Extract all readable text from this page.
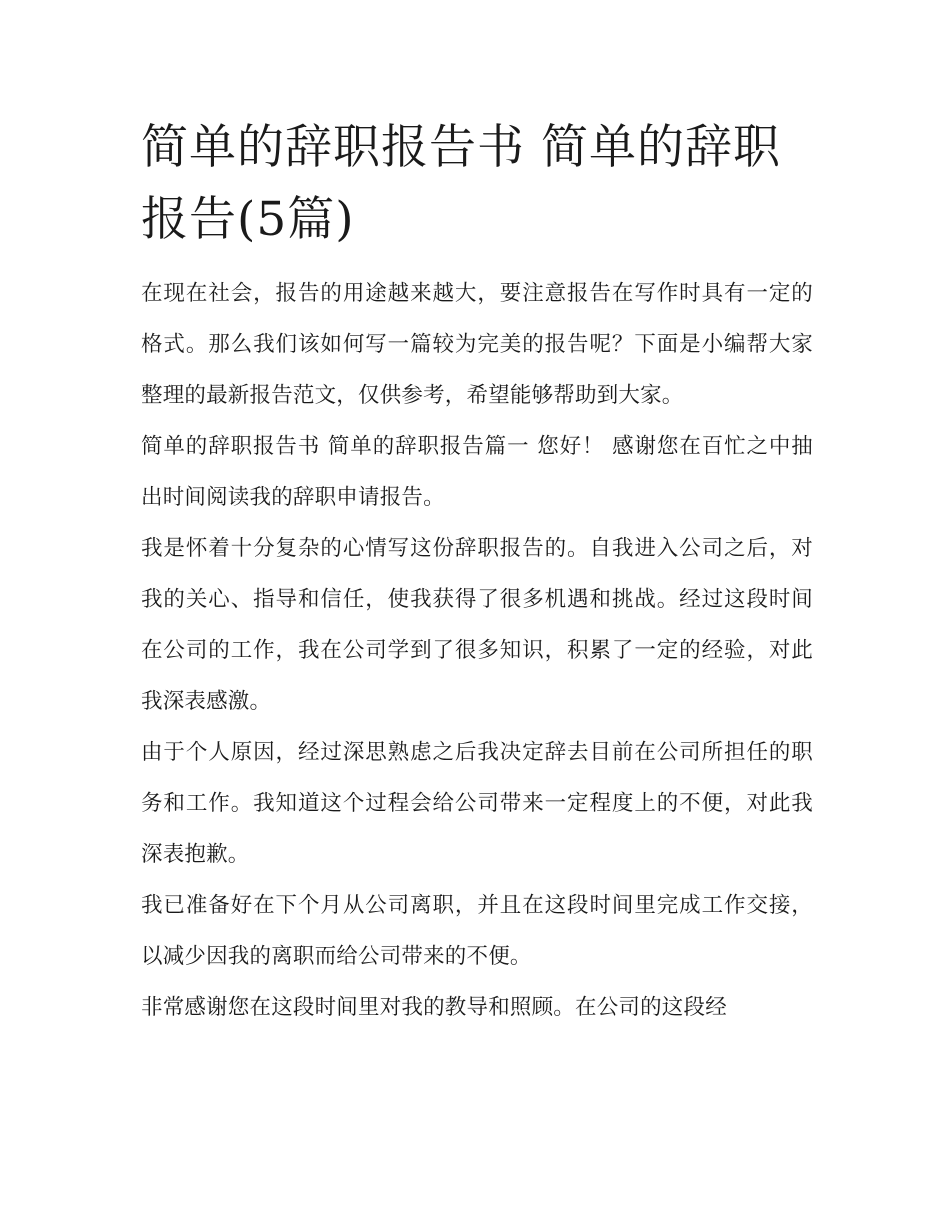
简单的辞职报告书 简单的辞职报告(5篇)

在现在社会，报告的用途越来越大，要注意报告在写作时具有一定的格式。那么我们该如何写一篇较为完美的报告呢？下面是小编帮大家整理的最新报告范文，仅供参考，希望能够帮助到大家。

简单的辞职报告书 简单的辞职报告篇一 您好！ 感谢您在百忙之中抽出时间阅读我的辞职申请报告。

我是怀着十分复杂的心情写这份辞职报告的。自我进入公司之后，对我的关心、指导和信任，使我获得了很多机遇和挑战。经过这段时间在公司的工作，我在公司学到了很多知识，积累了一定的经验，对此我深表感激。

由于个人原因，经过深思熟虑之后我决定辞去目前在公司所担任的职务和工作。我知道这个过程会给公司带来一定程度上的不便，对此我深表抱歉。

我已准备好在下个月从公司离职，并且在这段时间里完成工作交接，以减少因我的离职而给公司带来的不便。

非常感谢您在这段时间里对我的教导和照顾。在公司的这段经
